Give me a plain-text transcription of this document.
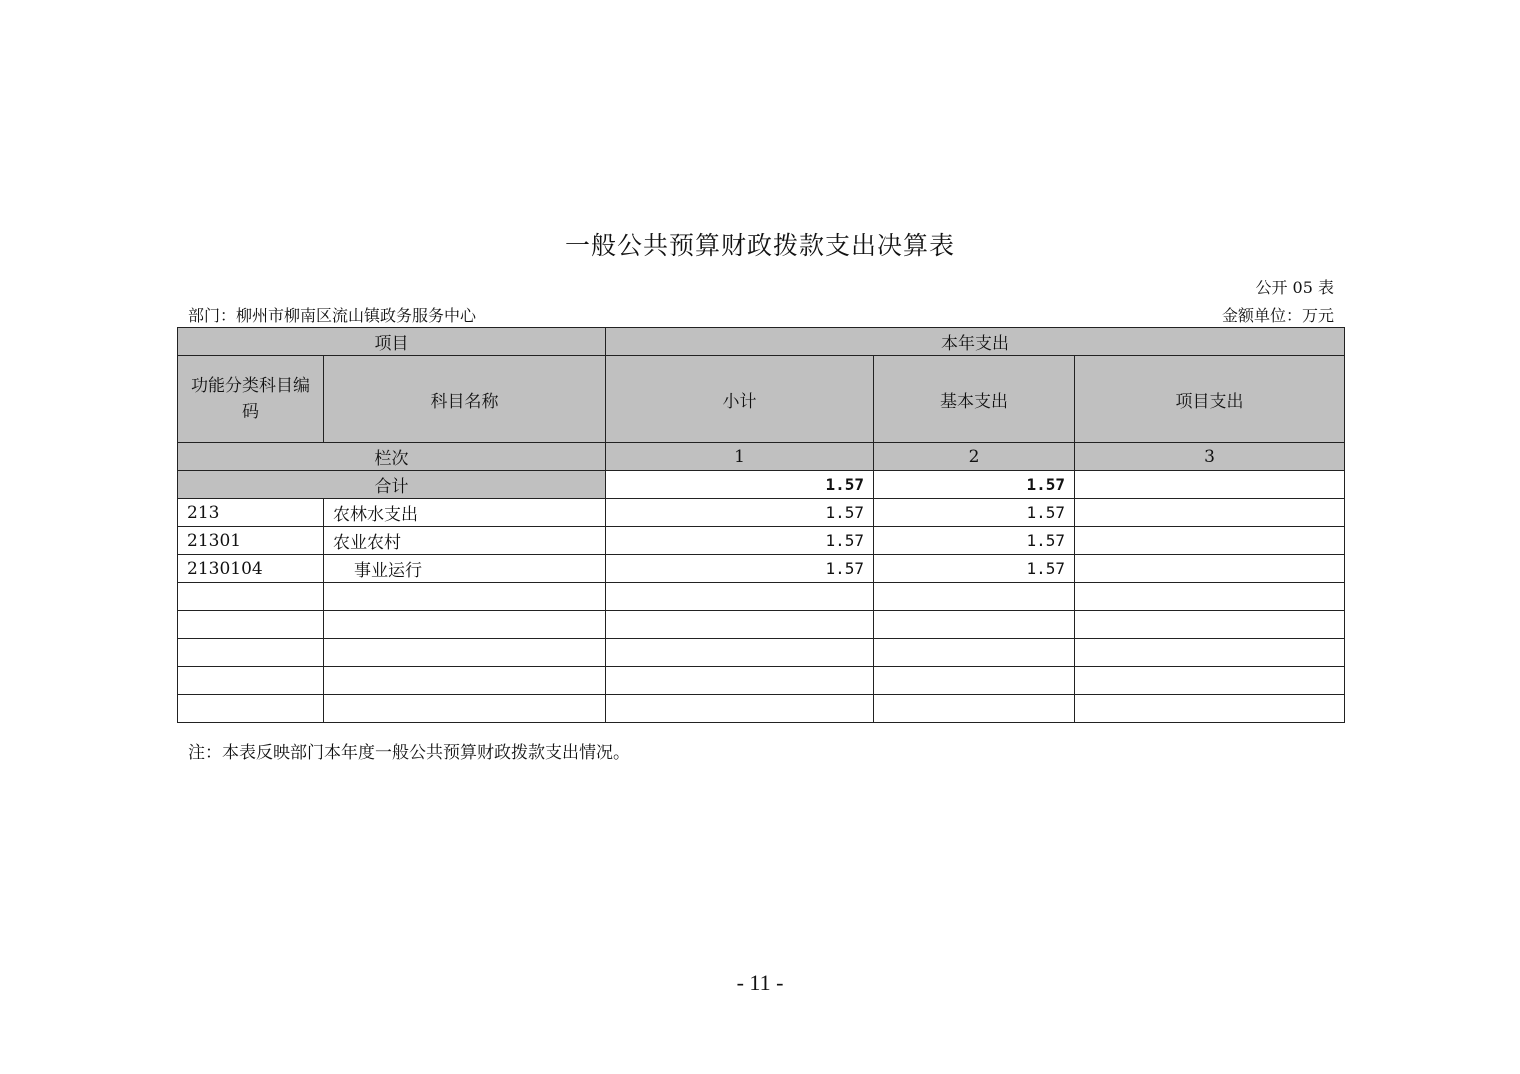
一般公共预算财政拨款支出决算表
公开 05 表
部门：柳州市柳南区流山镇政务服务中心	金额单位：万元
项目		本年支出		
功能分类科目编码	科目名称	小计	基本支出	项目支出
栏次		1	2	3
合计		1.57	1.57	
213	农林水支出	1.57	1.57	
21301	农业农村	1.57	1.57	
2130104	事业运行	1.57	1.57	

注：本表反映部门本年度一般公共预算财政拨款支出情况。
- 11 -
